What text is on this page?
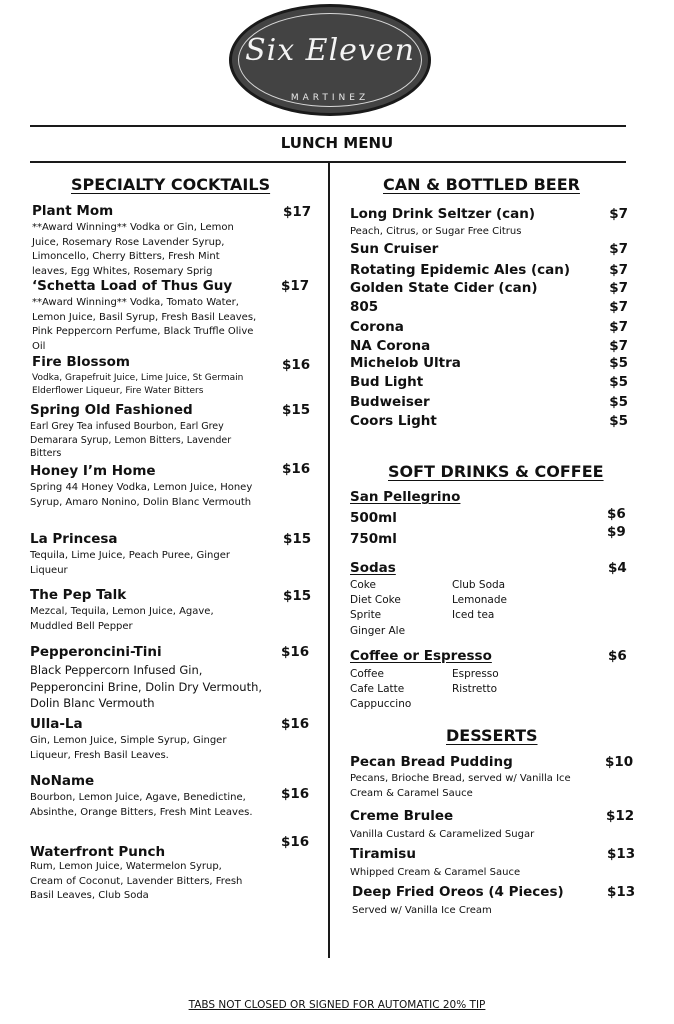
Six Eleven
MARTINEZ
LUNCH MENU
SPECIALTY COCKTAILS
Plant Mom
**Award Winning** Vodka or Gin, Lemon Juice, Rosemary Rose Lavender Syrup, Limoncello, Cherry Bitters, Fresh Mint leaves, Egg Whites, Rosemary Sprig
$17
‘Schetta Load of Thus Guy
**Award Winning** Vodka, Tomato Water, Lemon Juice, Basil Syrup, Fresh Basil Leaves, Pink Peppercorn Perfume, Black Truffle Olive Oil
$17
Fire Blossom
Vodka, Grapefruit Juice, Lime Juice, St Germain Elderflower Liqueur, Fire Water Bitters
$16
Spring Old Fashioned
Earl Grey Tea infused Bourbon, Earl Grey Demarara Syrup, Lemon Bitters, Lavender Bitters
$15
Honey I’m Home
Spring 44 Honey Vodka, Lemon Juice, Honey Syrup, Amaro Nonino, Dolin Blanc Vermouth
$16
La Princesa
Tequila, Lime Juice, Peach Puree, Ginger Liqueur
$15
The Pep Talk
Mezcal, Tequila, Lemon Juice, Agave, Muddled Bell Pepper
$15
Pepperoncini-Tini
Black Peppercorn Infused Gin, Pepperoncini Brine, Dolin Dry Vermouth, Dolin Blanc Vermouth
$16
Ulla-La
Gin, Lemon Juice, Simple Syrup, Ginger Liqueur, Fresh Basil Leaves.
$16
NoName
Bourbon, Lemon Juice, Agave, Benedictine, Absinthe, Orange Bitters, Fresh Mint Leaves.
$16
Waterfront Punch
Rum, Lemon Juice, Watermelon Syrup, Cream of Coconut, Lavender Bitters, Fresh Basil Leaves, Club Soda
$16
CAN & BOTTLED BEER
Long Drink Seltzer (can)	$7
Peach, Citrus, or Sugar Free Citrus
Sun Cruiser	$7
Rotating Epidemic Ales (can)	$7
Golden State Cider (can)	$7
805	$7
Corona	$7
NA Corona	$7
Michelob Ultra	$5
Bud Light	$5
Budweiser	$5
Coors Light	$5
SOFT DRINKS & COFFEE
San Pellegrino
500ml	$6
750ml	$9
Sodas	$4
Coke
Diet Coke
Sprite
Ginger Ale
Club Soda
Lemonade
Iced tea
Coffee or Espresso	$6
Coffee
Cafe Latte
Cappuccino
Espresso
Ristretto
DESSERTS
Pecan Bread Pudding
Pecans, Brioche Bread, served w/ Vanilla Ice Cream & Caramel Sauce
$10
Creme Brulee
Vanilla Custard & Caramelized Sugar
$12
Tiramisu
Whipped Cream & Caramel Sauce
$13
Deep Fried Oreos (4 Pieces)
Served w/ Vanilla Ice Cream
$13
TABS NOT CLOSED OR SIGNED FOR AUTOMATIC 20% TIP
